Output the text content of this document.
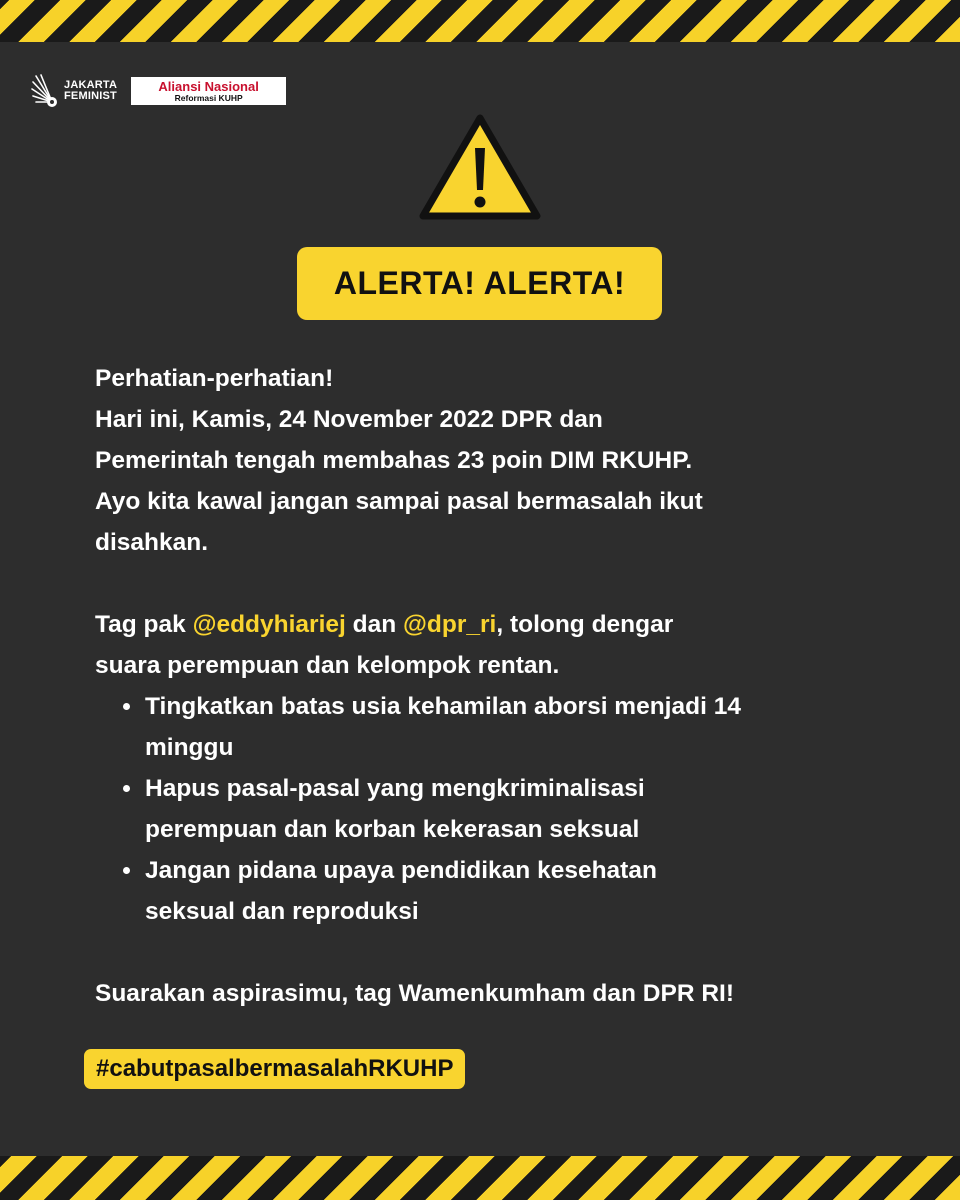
JAKARTA
FEMINIST
Aliansi Nasional
Reformasi KUHP
ALERTA! ALERTA!

Perhatian-perhatian!

Hari ini, Kamis, 24 November 2022 DPR dan

Pemerintah tengah membahas 23 poin DIM RKUHP.

Ayo kita kawal jangan sampai pasal bermasalah ikut

disahkan.

Tag pak @eddyhiariej dan @dpr_ri, tolong dengar

suara perempuan dan kelompok rentan.

Tingkatkan batas usia kehamilan aborsi menjadi 14
minggu
Hapus pasal-pasal yang mengkriminalisasi
perempuan dan korban kekerasan seksual
Jangan pidana upaya pendidikan kesehatan
seksual dan reproduksi

Suarakan aspirasimu, tag Wamenkumham dan DPR RI!

#cabutpasalbermasalahRKUHP
